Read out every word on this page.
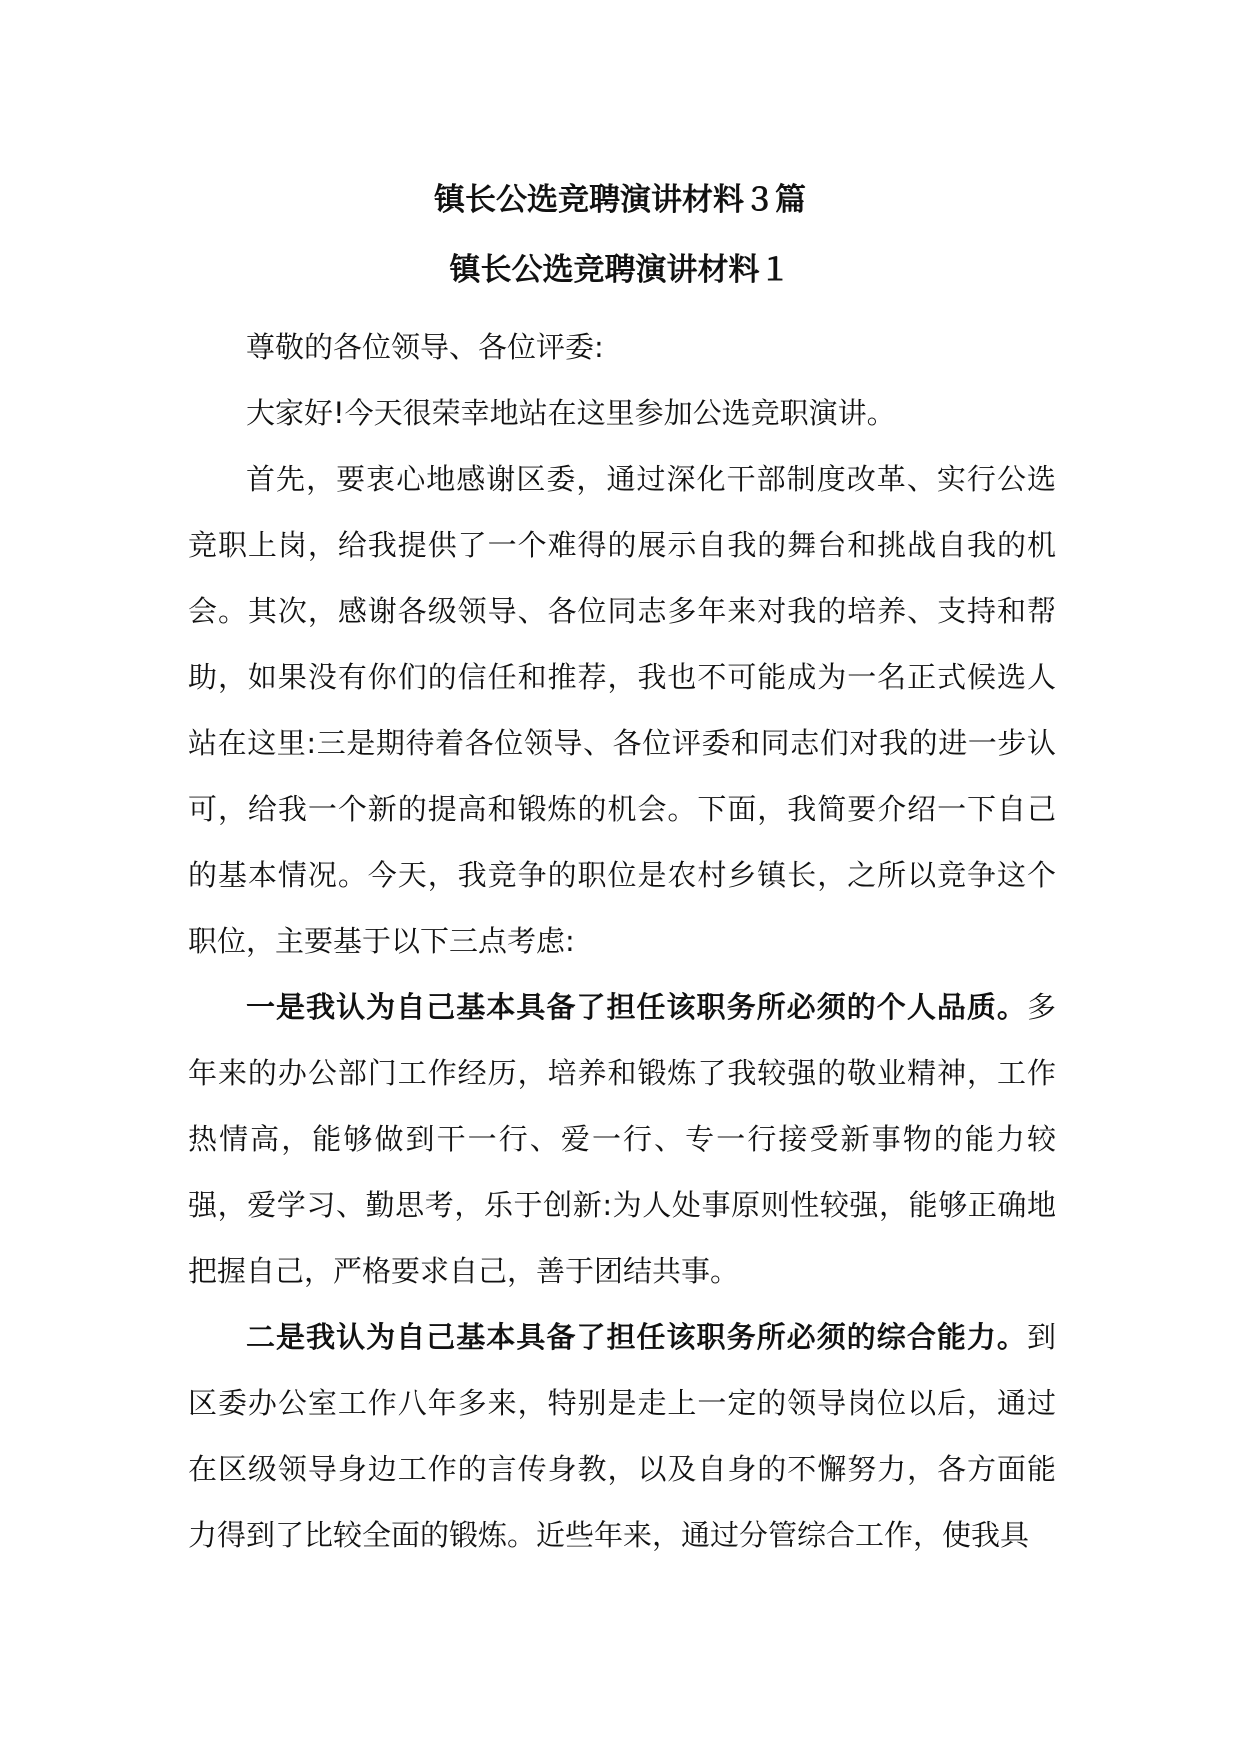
镇长公选竞聘演讲材料３篇
镇长公选竞聘演讲材料１

尊敬的各位领导、各位评委:

大家好!今天很荣幸地站在这里参加公选竞职演讲。

首先，要衷心地感谢区委，通过深化干部制度改革、实行公选竞职上岗，给我提供了一个难得的展示自我的舞台和挑战自我的机会。其次，感谢各级领导、各位同志多年来对我的培养、支持和帮助，如果没有你们的信任和推荐，我也不可能成为一名正式候选人站在这里:三是期待着各位领导、各位评委和同志们对我的进一步认可，给我一个新的提高和锻炼的机会。下面，我简要介绍一下自己的基本情况。今天，我竞争的职位是农村乡镇长，之所以竞争这个职位，主要基于以下三点考虑:

一是我认为自己基本具备了担任该职务所必须的个人品质。多年来的办公部门工作经历，培养和锻炼了我较强的敬业精神，工作热情高，能够做到干一行、爱一行、专一行接受新事物的能力较强，爱学习、勤思考，乐于创新:为人处事原则性较强，能够正确地把握自己，严格要求自己，善于团结共事。

二是我认为自己基本具备了担任该职务所必须的综合能力。到区委办公室工作八年多来，特别是走上一定的领导岗位以后，通过在区级领导身边工作的言传身教，以及自身的不懈努力，各方面能力得到了比较全面的锻炼。近些年来，通过分管综合工作，使我具
